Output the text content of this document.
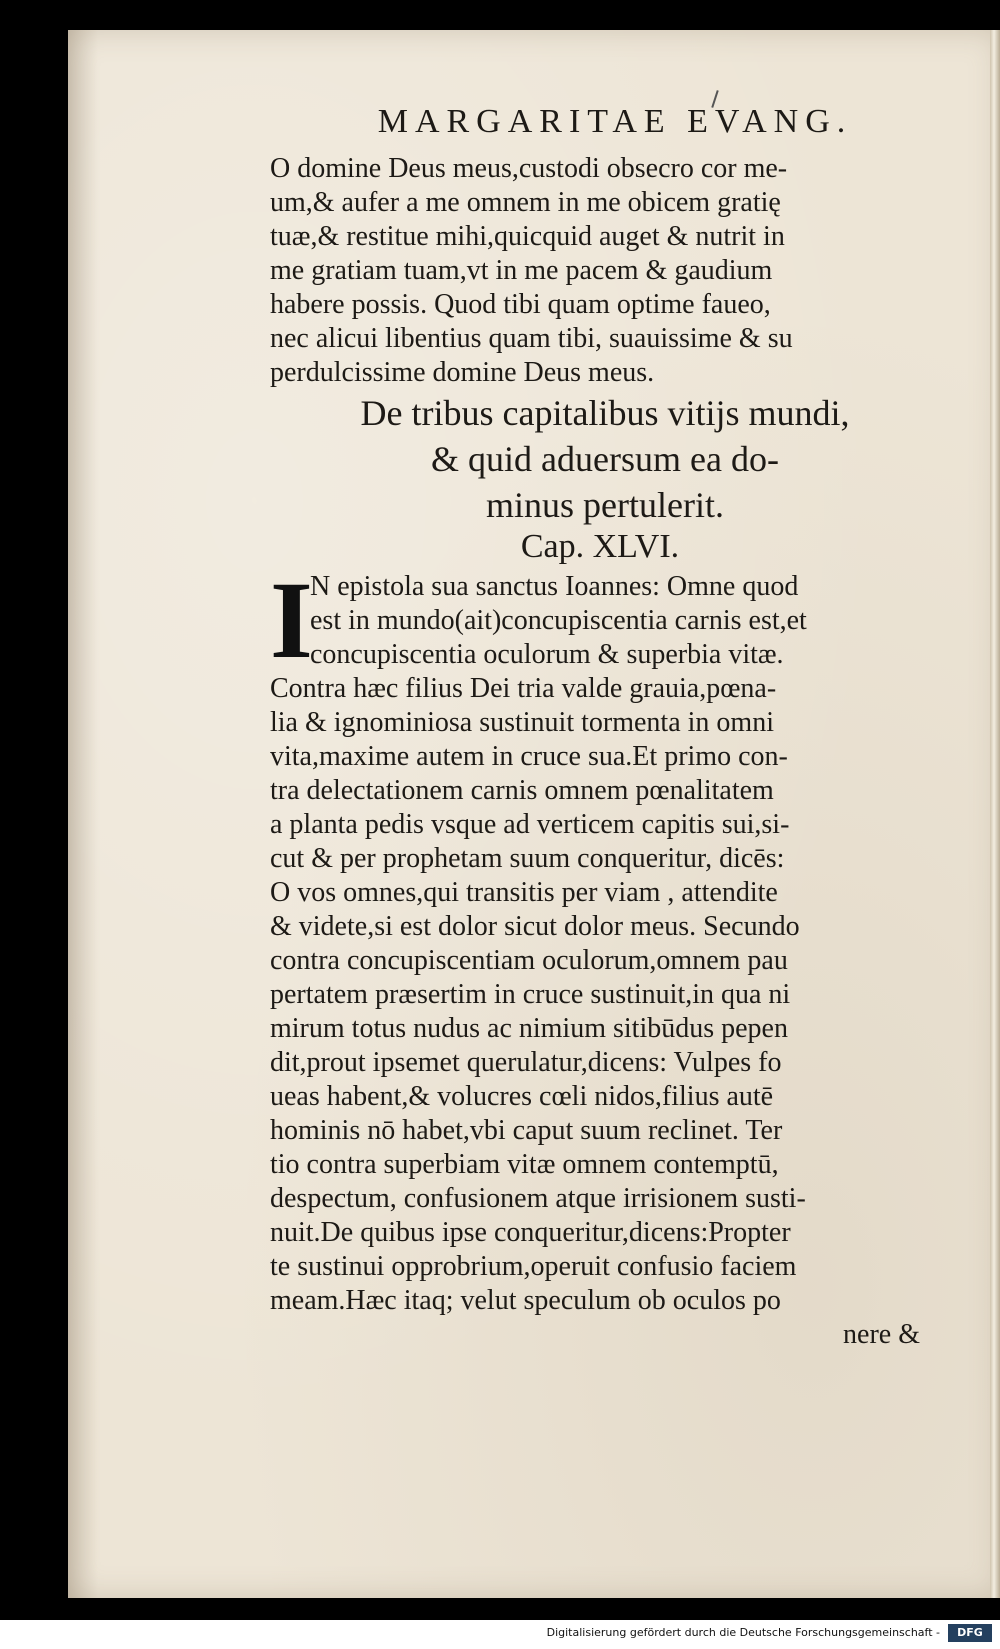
MARGARITAE EVANG.
O domine Deus meus,custodi obsecro cor me-
um,& aufer a me omnem in me obicem gratię
tuæ,& restitue mihi,quicquid auget & nutrit in
me gratiam tuam,vt in me pacem & gaudium
habere possis. Quod tibi quam optime faueo,
nec alicui libentius quam tibi, suauissime & su
perdulcissime domine Deus meus.
De tribus capitalibus vitijs mundi,
& quid aduersum ea do-
minus pertulerit.
Cap. XLVI.
I
N epistola sua sanctus Ioannes: Omne quod
est in mundo(ait)concupiscentia carnis est,et
concupiscentia oculorum & superbia vitæ.
Contra hæc filius Dei tria valde grauia,pœna-
lia & ignominiosa sustinuit tormenta in omni
vita,maxime autem in cruce sua.Et primo con-
tra delectationem carnis omnem pœnalitatem
a planta pedis vsque ad verticem capitis sui,si-
cut & per prophetam suum conqueritur, dicēs:
O vos omnes,qui transitis per viam , attendite
& videte,si est dolor sicut dolor meus. Secundo
contra concupiscentiam oculorum,omnem pau
pertatem præsertim in cruce sustinuit,in qua ni
mirum totus nudus ac nimium sitibūdus pepen
dit,prout ipsemet querulatur,dicens: Vulpes fo
ueas habent,& volucres cœli nidos,filius autē
hominis nō habet,vbi caput suum reclinet. Ter
tio contra superbiam vitæ omnem contemptū,
despectum, confusionem atque irrisionem susti-
nuit.De quibus ipse conqueritur,dicens:Propter
te sustinui opprobrium,operuit confusio faciem
meam.Hæc itaq; velut speculum ob oculos po
nere &
Digitalisierung gefördert durch die Deutsche Forschungsgemeinschaft -	DFG
